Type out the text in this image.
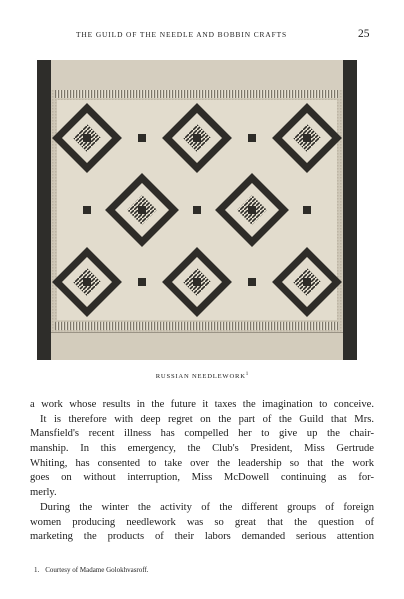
THE GUILD OF THE NEEDLE AND BOBBIN CRAFTS	25
RUSSIAN NEEDLEWORK$^1$
a work whose results in the future it taxes the imagination to conceive.
It is therefore with deep regret on the part of the Guild that Mrs.
Mansfield's recent illness has compelled her to give up the chair-
manship. In this emergency, the Club's President, Miss Gertrude
Whiting, has consented to take over the leadership so that the work
goes on without interruption, Miss McDowell continuing as for-
merly.
During the winter the activity of the different groups of foreign
women producing needlework was so great that the question of
marketing the products of their labors demanded serious attention
1. Courtesy of Madame Golokhvasroff.
